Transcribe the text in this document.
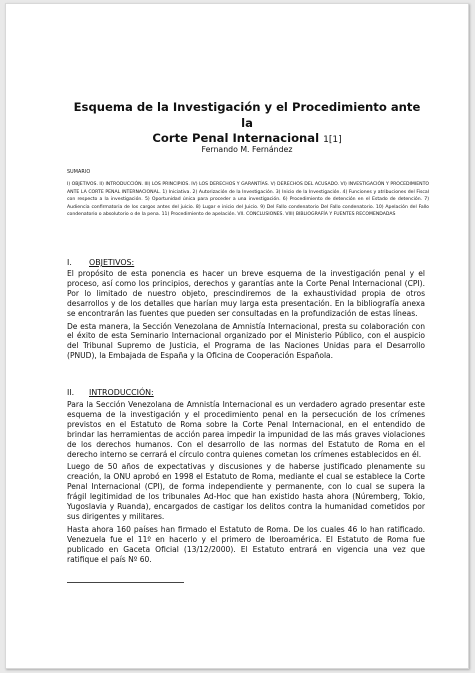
Esquema de la Investigación y el Procedimiento ante la
Corte Penal Internacional 1[1]
Fernando M. Fernández
SUMARIO
I) OBJETIVOS. II) INTRODUCCIÓN. III) LOS PRINCIPIOS. IV) LOS DERECHOS Y GARANTÍAS. V) DERECHOS DEL ACUSADO. VI) INVESTIGACIÓN Y PROCEDIMIENTO ANTE LA CORTE PENAL INTERNACIONAL. 1) Iniciativa. 2) Autorización de la Investigación. 3) Inicio de la Investigación. 4) Funciones y atribuciones del Fiscal con respecto a la investigación. 5) Oportunidad única para proceder a una investigación. 6) Procedimiento de detención en el Estado de detención. 7) Audiencia confirmatoria de los cargos antes del juicio. 8) Lugar e inicio del Juicio. 9) Del Fallo condenatorio Del Fallo condenatorio. 10) Apelación del Fallo condenatorio o absolutorio o de la pena. 11) Procedimiento de apelación. VII. CONCLUSIONES. VIII) BIBLIOGRAFÍA Y FUENTES RECOMENDADAS
I. OBJETIVOS:

El propósito de esta ponencia es hacer un breve esquema de la investigación penal y el proceso, así como los principios, derechos y garantías ante la Corte Penal Internacional (CPI). Por lo limitado de nuestro objeto, prescindiremos de la exhaustividad propia de otros desarrollos y de los detalles que harían muy larga esta presentación. En la bibliografía anexa se encontrarán las fuentes que pueden ser consultadas en la profundización de estas líneas.

De esta manera, la Sección Venezolana de Amnistía Internacional, presta su colaboración con el éxito de esta Seminario Internacional organizado por el Ministerio Público, con el auspicio del Tribunal Supremo de Justicia, el Programa de las Naciones Unidas para el Desarrollo (PNUD), la Embajada de España y la Oficina de Cooperación Española.

II. INTRODUCCIÓN:

Para la Sección Venezolana de Amnistía Internacional es un verdadero agrado presentar este esquema de la investigación y el procedimiento penal en la persecución de los crímenes previstos en el Estatuto de Roma sobre la Corte Penal Internacional, en el entendido de brindar las herramientas de acción parea impedir la impunidad de las más graves violaciones de los derechos humanos. Con el desarrollo de las normas del Estatuto de Roma en el derecho interno se cerrará el círculo contra quienes cometan los crímenes establecidos en él.

Luego de 50 años de expectativas y discusiones y de haberse justificado plenamente su creación, la ONU aprobó en 1998 el Estatuto de Roma, mediante el cual se establece la Corte Penal Internacional (CPI), de forma independiente y permanente, con lo cual se supera la frágil legitimidad de los tribunales Ad-Hoc que han existido hasta ahora (Núremberg, Tokio, Yugoslavia y Ruanda), encargados de castigar los delitos contra la humanidad cometidos por sus dirigentes y militares.

Hasta ahora 160 países han firmado el Estatuto de Roma. De los cuales 46 lo han ratificado. Venezuela fue el 11º en hacerlo y el primero de Iberoamérica. El Estatuto de Roma fue publicado en Gaceta Oficial (13/12/2000). El Estatuto entrará en vigencia una vez que ratifique el país Nº 60.
